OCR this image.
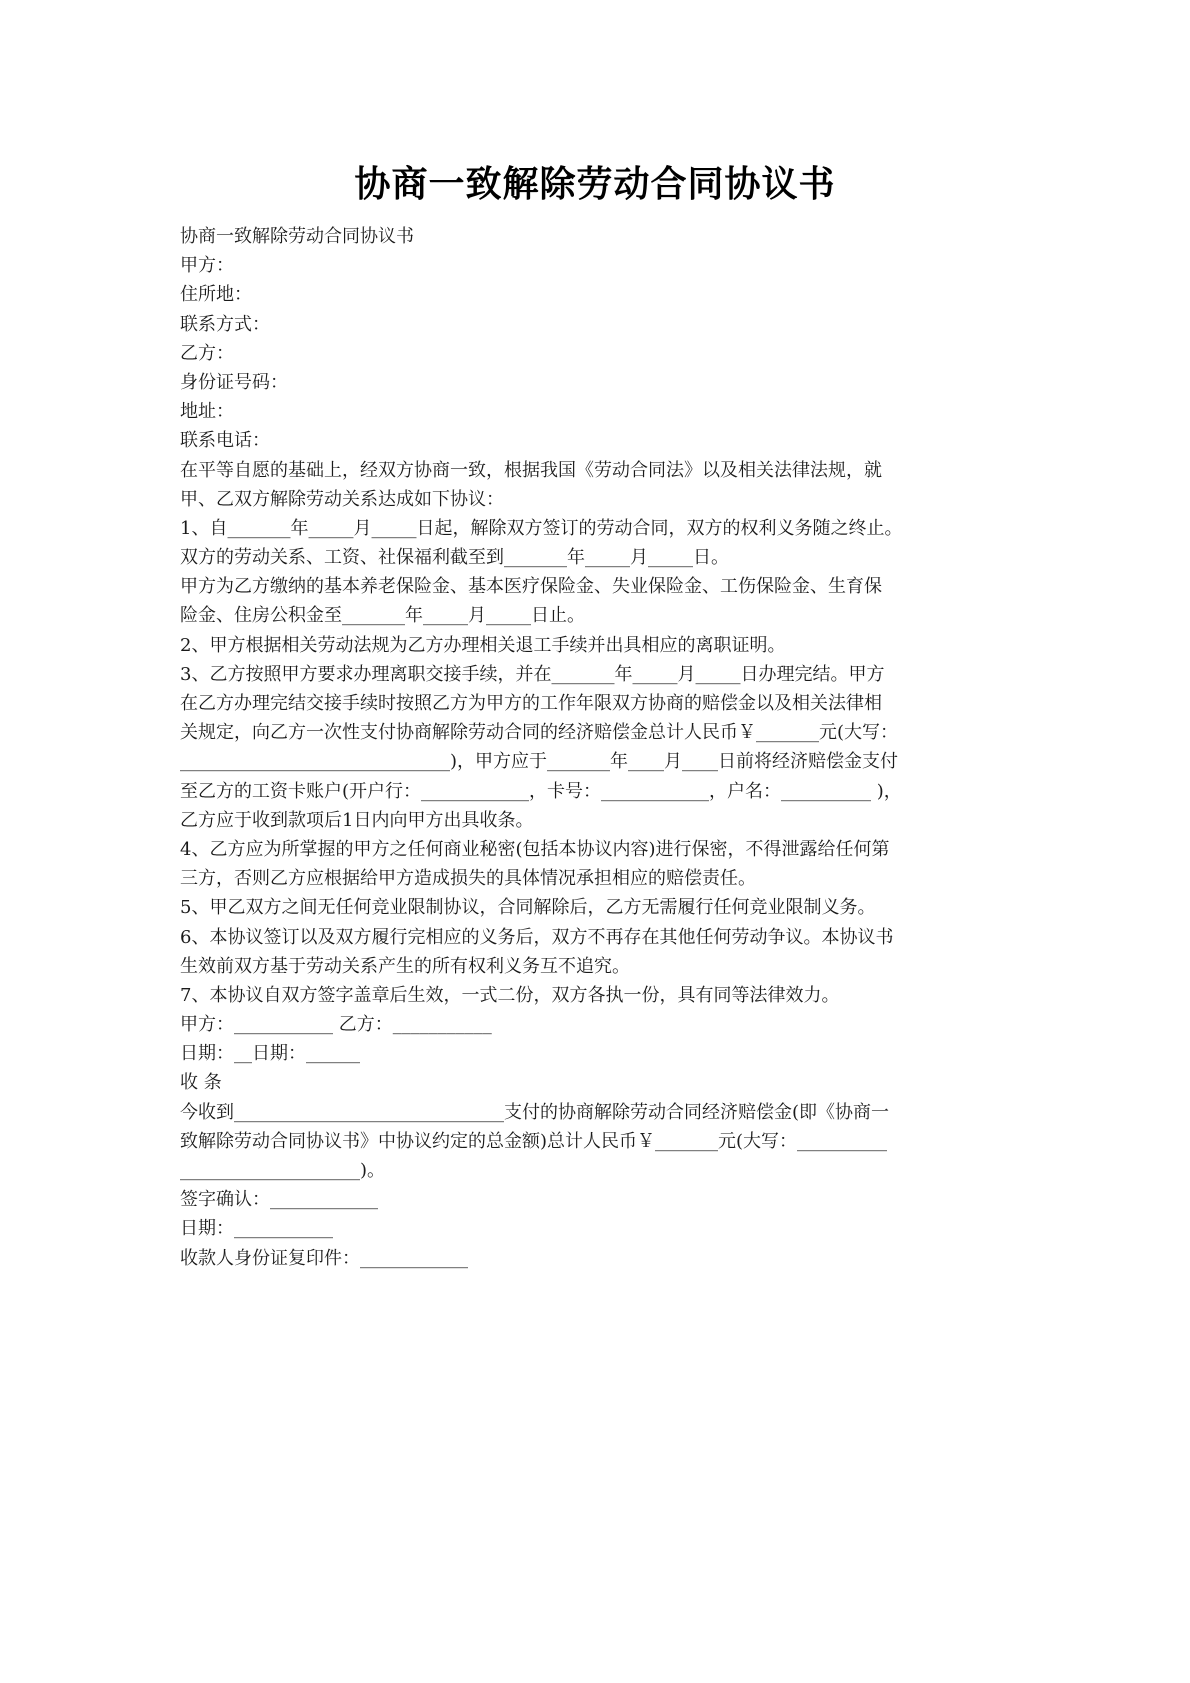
协商一致解除劳动合同协议书
协商一致解除劳动合同协议书
甲方：
住所地：
联系方式：
乙方：
身份证号码：
地址：
联系电话：
在平等自愿的基础上，经双方协商一致，根据我国《劳动合同法》以及相关法律法规，就
甲、乙双方解除劳动关系达成如下协议：
1、自_______年_____月_____日起，解除双方签订的劳动合同，双方的权利义务随之终止。
双方的劳动关系、工资、社保福利截至到_______年_____月_____日。
甲方为乙方缴纳的基本养老保险金、基本医疗保险金、失业保险金、工伤保险金、生育保
险金、住房公积金至_______年_____月_____日止。
2、甲方根据相关劳动法规为乙方办理相关退工手续并出具相应的离职证明。
3、乙方按照甲方要求办理离职交接手续，并在_______年_____月_____日办理完结。甲方
在乙方办理完结交接手续时按照乙方为甲方的工作年限双方协商的赔偿金以及相关法律相
关规定，向乙方一次性支付协商解除劳动合同的经济赔偿金总计人民币￥_______元(大写：
______________________________)，甲方应于_______年____月____日前将经济赔偿金支付
至乙方的工资卡账户(开户行：____________，卡号：____________，户名：__________ )，
乙方应于收到款项后1日内向甲方出具收条。
4、乙方应为所掌握的甲方之任何商业秘密(包括本协议内容)进行保密，不得泄露给任何第
三方，否则乙方应根据给甲方造成损失的具体情况承担相应的赔偿责任。
5、甲乙双方之间无任何竞业限制协议，合同解除后，乙方无需履行任何竞业限制义务。
6、本协议签订以及双方履行完相应的义务后，双方不再存在其他任何劳动争议。本协议书
生效前双方基于劳动关系产生的所有权利义务互不追究。
7、本协议自双方签字盖章后生效，一式二份，双方各执一份，具有同等法律效力。
甲方：___________ 乙方：___________
日期：__日期：______
收 条
今收到______________________________支付的协商解除劳动合同经济赔偿金(即《协商一
致解除劳动合同协议书》中协议约定的总金额)总计人民币￥_______元(大写：__________
____________________)。
签字确认：____________
日期：___________
收款人身份证复印件：____________
